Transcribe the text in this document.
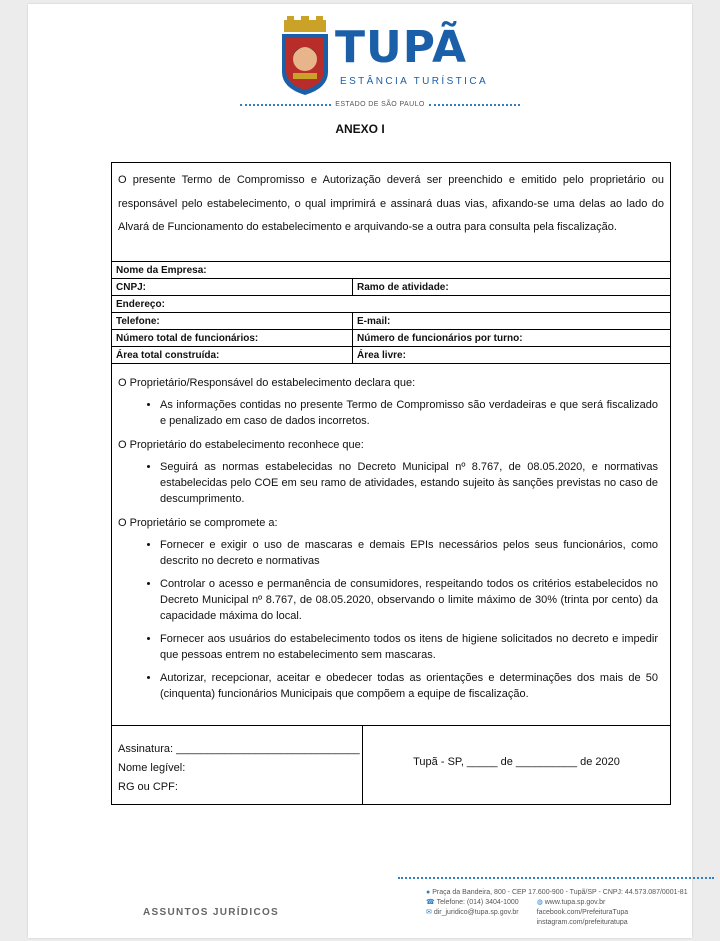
TUPÃ
ESTÂNCIA TURÍSTICA
ESTADO DE SÃO PAULO
ANEXO I
O presente Termo de Compromisso e Autorização deverá ser preenchido e emitido pelo proprietário ou responsável pelo estabelecimento, o qual imprimirá e assinará duas vias, afixando-se uma delas ao lado do Alvará de Funcionamento do estabelecimento e arquivando-se a outra para consulta pela fiscalização.
Nome da Empresa:
CNPJ:	Ramo de atividade:
Endereço:
Telefone:	E-mail:
Número total de funcionários:	Número de funcionários por turno:
Área total construída:	Área livre:

O Proprietário/Responsável do estabelecimento declara que:

• As informações contidas no presente Termo de Compromisso são verdadeiras e que será fiscalizado e penalizado em caso de dados incorretos.

O Proprietário do estabelecimento reconhece que:

• Seguirá as normas estabelecidas no Decreto Municipal nº 8.767, de 08.05.2020, e normativas estabelecidas pelo COE em seu ramo de atividades, estando sujeito às sanções previstas no caso de descumprimento.

O Proprietário se compromete a:

• Fornecer e exigir o uso de mascaras e demais EPIs necessários pelos seus funcionários, como descrito no decreto e normativas
• Controlar o acesso e permanência de consumidores, respeitando todos os critérios estabelecidos no Decreto Municipal nº 8.767, de 08.05.2020, observando o limite máximo de 30% (trinta por cento) da capacidade máxima do local.
• Fornecer aos usuários do estabelecimento todos os itens de higiene solicitados no decreto e impedir que pessoas entrem no estabelecimento sem mascaras.
• Autorizar, recepcionar, aceitar e obedecer todas as orientações e determinações dos mais de 50 (cinquenta) funcionários Municipais que compõem a equipe de fiscalização.
Assinatura: ______________________________
Nome legível:
RG ou CPF:
Tupã - SP, _____ de __________ de 2020
ASSUNTOS JURÍDICOS
● Praça da Bandeira, 800 - CEP 17.600-900 - Tupã/SP - CNPJ: 44.573.087/0001-81
☎ Telefone: (014) 3404-1000	◍ www.tupa.sp.gov.br
✉ dir_juridico@tupa.sp.gov.br	facebook.com/PrefeituraTupa
instagram.com/prefeituratupa
